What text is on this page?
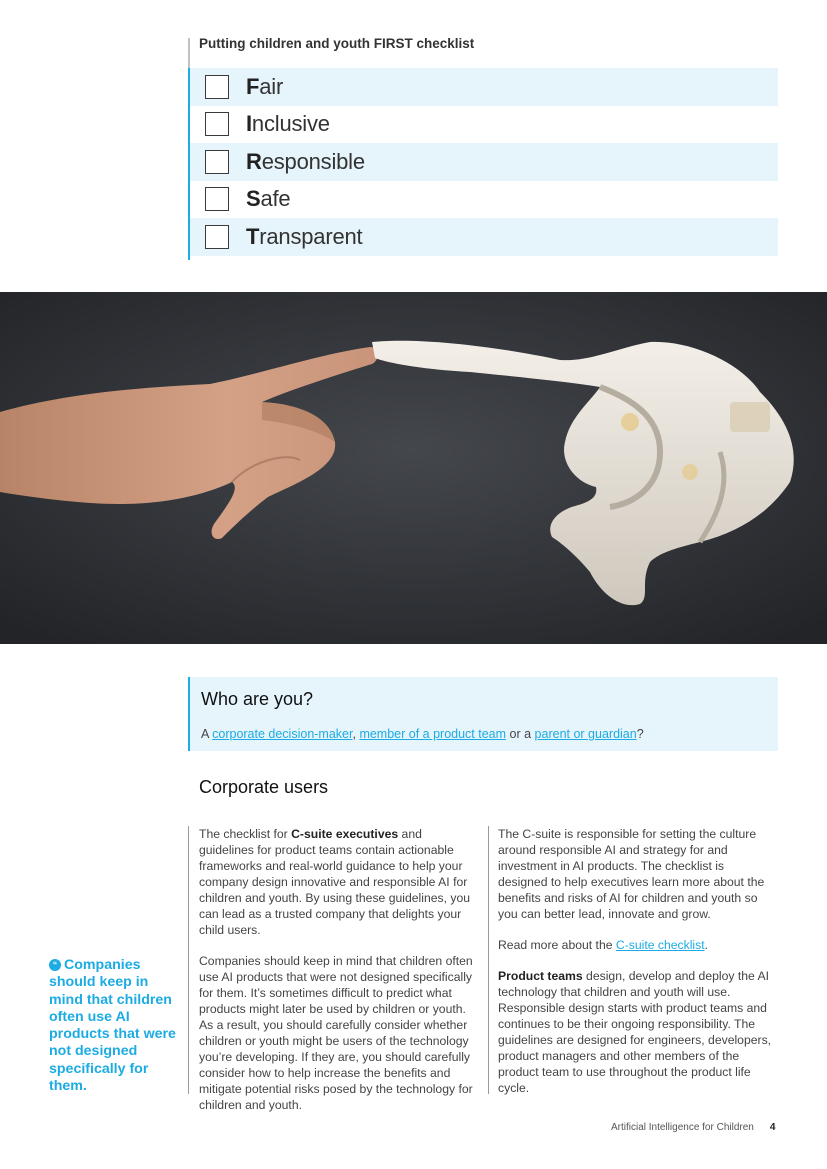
Putting children and youth FIRST checklist
Fair
Inclusive
Responsible
Safe
Transparent
Who are you?
A corporate decision-maker, member of a product team or a parent or guardian?
Corporate users

The checklist for C-suite executives and guidelines for product teams contain actionable frameworks and real-world guidance to help your company design innovative and responsible AI for children and youth. By using these guidelines, you can lead as a trusted company that delights your child users.

Companies should keep in mind that children often use AI products that were not designed specifically for them. It’s sometimes difficult to predict what products might later be used by children or youth. As a result, you should carefully consider whether children or youth might be users of the technology you’re developing. If they are, you should carefully consider how to help increase the benefits and mitigate potential risks posed by the technology for children and youth.

The C-suite is responsible for setting the culture around responsible AI and strategy for and investment in AI products. The checklist is designed to help executives learn more about the benefits and risks of AI for children and youth so you can better lead, innovate and grow.

Read more about the C-suite checklist.

Product teams design, develop and deploy the AI technology that children and youth will use. Responsible design starts with product teams and continues to be their ongoing responsibility. The guidelines are designed for engineers, developers, product managers and other members of the product team to use throughout the product life cycle.

“ Companies should keep in mind that children often use AI products that were not designed specifically for them.
Artificial Intelligence for Children 4
